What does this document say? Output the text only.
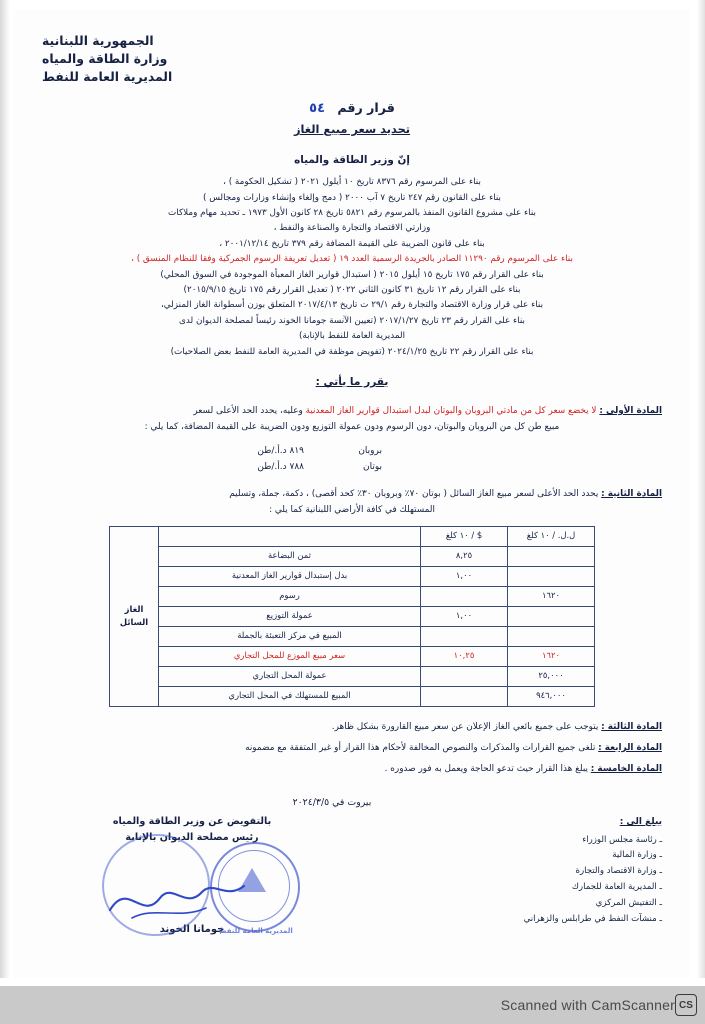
الجمهورية اللبنانية
وزارة الطاقة والمياه
المديرية العامة للنفط
قرار رقم ٥٤
تحديد سعر مبيع الغاز
إنّ وزير الطاقة والمياه
بناء على المرسوم رقم ٨٣٧٦ تاريخ ١٠ أيلول ٢٠٢١ ( تشكيل الحكومة ) ،
بناء على القانون رقم ٢٤٧ تاريخ ٧ آب ٢٠٠٠ ( دمج وإلغاء وإنشاء وزارات ومجالس )
بناء على مشروع القانون المنفذ بالمرسوم رقم ٥٨٢١ تاريخ ٢٨ كانون الأول ١٩٧٣ ـ تحديد مهام وملاكات
وزارتي الاقتصاد والتجارة والصناعة والنفط ،
بناء على قانون الضريبة على القيمة المضافة رقم ٣٧٩ تاريخ ٢٠٠١/١٢/١٤ ،
بناء على المرسوم رقم ١١٢٩٠ الصادر بالجريدة الرسمية العدد ١٩ ( تعديل تعريفة الرسوم الجمركية وفقا للنظام المنسق ) ،
بناء على القرار رقم ١٧٥ تاريخ ١٥ أيلول ٢٠١٥ ( استبدال قوارير الغاز المعبأة الموجودة في السوق المحلي)
بناء على القرار رقم ١٢ تاريخ ٣١ كانون الثاني ٢٠٢٢ ( تعديل القرار رقم ١٧٥ تاريخ ٢٠١٥/٩/١٥)
بناء على قرار وزارة الاقتصاد والتجارة رقم ٢٩/١ ت تاريخ ٢٠١٧/٤/١٣ المتعلق بوزن أسطوانة الغاز المنزلي،
بناء على القرار رقم ٢٣ تاريخ ٢٠١٧/١/٢٧ (تعيين الآنسة جومانا الخوند رئيساً لمصلحة الديوان لدى
المديرية العامة للنفط بالإنابة)
بناء على القرار رقم ٢٢ تاريخ ٢٠٢٤/١/٢٥ (تفويض موظفة في المديرية العامة للنفط بعض الصلاحيات)
يقرر ما يأتي :
المادة الأولى : لا يخضع سعر كل من مادتي البروبان والبوتان لبدل استبدال قوارير الغاز المعدنية وعليه، يحدد الحد الأعلى لسعر
مبيع طن كل من البروبان والبوتان، دون الرسوم ودون عمولة التوزيع ودون الضريبة على القيمة المضافة، كما يلي :
بروبان
٨١٩ د.أ./طن
بوتان
٧٨٨ د.أ./طن
المادة الثانية : يحدد الحد الأعلى لسعر مبيع الغاز السائل ( بوتان ٧٠٪ وبروبان ٣٠٪ كحد أقصى) ، دكمة، جملة، وتسليم
المستهلك في كافة الأراضي اللبنانية كما يلي :
ل.ل. / ١٠ كلغ	$ / ١٠ كلغ		الغاز السائل
	٨,٢٥	ثمن البضاعة	
	١,٠٠	بدل إستبدال قوارير الغاز المعدنية	
١٦٢٠		رسوم	
	١,٠٠	عمولة التوزيع	
		المبيع في مركز التعبئة بالجملة	
١٦٢٠	١٠,٢٥	سعر مبيع الموزع للمحل التجاري	
٢٥,٠٠٠		عمولة المحل التجاري	
٩٤٦,٠٠٠		المبيع للمستهلك في المحل التجاري	
المادة الثالثة : يتوجب على جميع بائعي الغاز الإعلان عن سعر مبيع القارورة بشكل ظاهر.
المادة الرابعة : تلغى جميع القرارات والمذكرات والنصوص المخالفة لأحكام هذا القرار أو غير المتفقة مع مضمونه
المادة الخامسة : يبلغ هذا القرار حيث تدعو الحاجة ويعمل به فور صدوره .
بيروت في ٢٠٢٤/٣/٥
يبلغ الى :
ـ رئاسة مجلس الوزراء
ـ وزارة المالية
ـ وزارة الاقتصاد والتجارة
ـ المديرية العامة للجمارك
ـ التفتيش المركزي
ـ منشآت النفط في طرابلس والزهراني
بالتفويض عن وزير الطاقة والمياه
رئيس مصلحة الديوان بالإنابة
المديرية العامة للنفط
جومانا الخوند
CS
Scanned with CamScanner
